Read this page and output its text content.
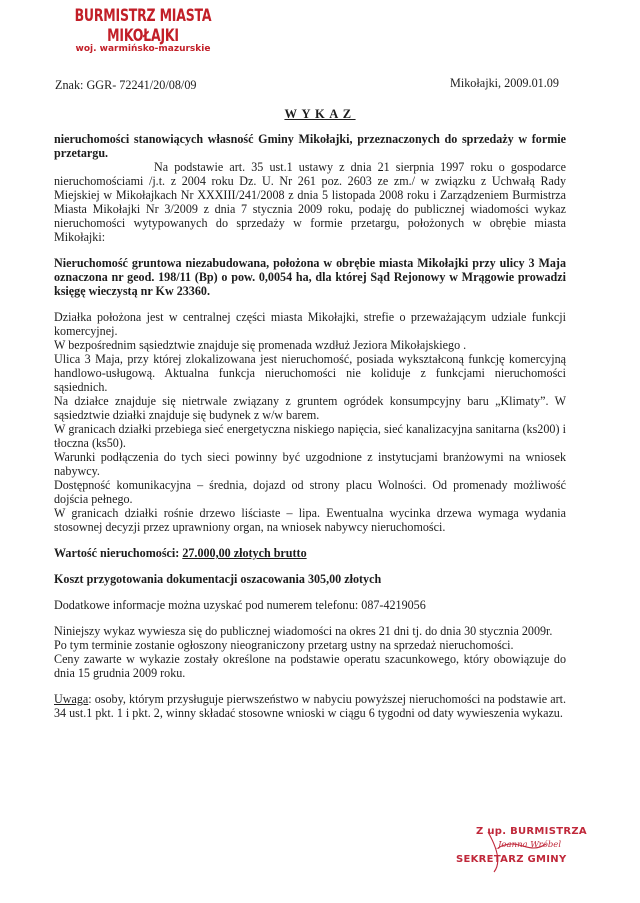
BURMISTRZ MIASTA MIKOŁAJKI
woj. warmińsko-mazurskie
Znak: GGR- 72241/20/08/09	Mikołajki, 2009.01.09
WYKAZ

nieruchomości stanowiących własność Gminy Mikołajki, przeznaczonych do sprzedaży w formie przetargu.

Na podstawie art. 35 ust.1 ustawy z dnia 21 sierpnia 1997 roku o gospodarce nieruchomościami /j.t. z 2004 roku Dz. U. Nr 261 poz. 2603 ze zm./ w związku z Uchwałą Rady Miejskiej w Mikołajkach Nr XXXIII/241/2008 z dnia 5 listopada 2008 roku i Zarządzeniem Burmistrza Miasta Mikołajki Nr 3/2009 z dnia 7 stycznia 2009 roku, podaję do publicznej wiadomości wykaz nieruchomości wytypowanych do sprzedaży w formie przetargu, położonych w obrębie miasta Mikołajki:

Nieruchomość gruntowa niezabudowana, położona w obrębie miasta Mikołajki przy ulicy 3 Maja oznaczona nr geod. 198/11 (Bp) o pow. 0,0054 ha, dla której Sąd Rejonowy w Mrągowie prowadzi księgę wieczystą nr Kw 23360.

Działka położona jest w centralnej części miasta Mikołajki, strefie o przeważającym udziale funkcji komercyjnej.

W bezpośrednim sąsiedztwie znajduje się promenada wzdłuż Jeziora Mikołajskiego .

Ulica 3 Maja, przy której zlokalizowana jest nieruchomość, posiada wykształconą funkcję komercyjną handlowo-usługową. Aktualna funkcja nieruchomości nie koliduje z funkcjami nieruchomości sąsiednich.

Na działce znajduje się nietrwale związany z gruntem ogródek konsumpcyjny baru „Klimaty”. W sąsiedztwie działki znajduje się budynek z w/w barem.

W granicach działki przebiega sieć energetyczna niskiego napięcia, sieć kanalizacyjna sanitarna (ks200) i tłoczna (ks50).

Warunki podłączenia do tych sieci powinny być uzgodnione z instytucjami branżowymi na wniosek nabywcy.

Dostępność komunikacyjna – średnia, dojazd od strony placu Wolności. Od promenady możliwość dojścia pełnego.

W granicach działki rośnie drzewo liściaste – lipa. Ewentualna wycinka drzewa wymaga wydania stosownej decyzji przez uprawniony organ, na wniosek nabywcy nieruchomości.

Wartość nieruchomości: 27.000,00 złotych brutto

Koszt przygotowania dokumentacji oszacowania 305,00 złotych

Dodatkowe informacje można uzyskać pod numerem telefonu: 087-4219056

Niniejszy wykaz wywiesza się do publicznej wiadomości na okres 21 dni tj. do dnia 30 stycznia 2009r.

Po tym terminie zostanie ogłoszony nieograniczony przetarg ustny na sprzedaż nieruchomości.

Ceny zawarte w wykazie zostały określone na podstawie operatu szacunkowego, który obowiązuje do dnia 15 grudnia 2009 roku.

Uwaga: osoby, którym przysługuje pierwszeństwo w nabyciu powyższej nieruchomości na podstawie art. 34 ust.1 pkt. 1 i pkt. 2, winny składać stosowne wnioski w ciągu 6 tygodni od daty wywieszenia wykazu.

Z up. BURMISTRZA
Joanna Wróbel
SEKRETARZ GMINY
